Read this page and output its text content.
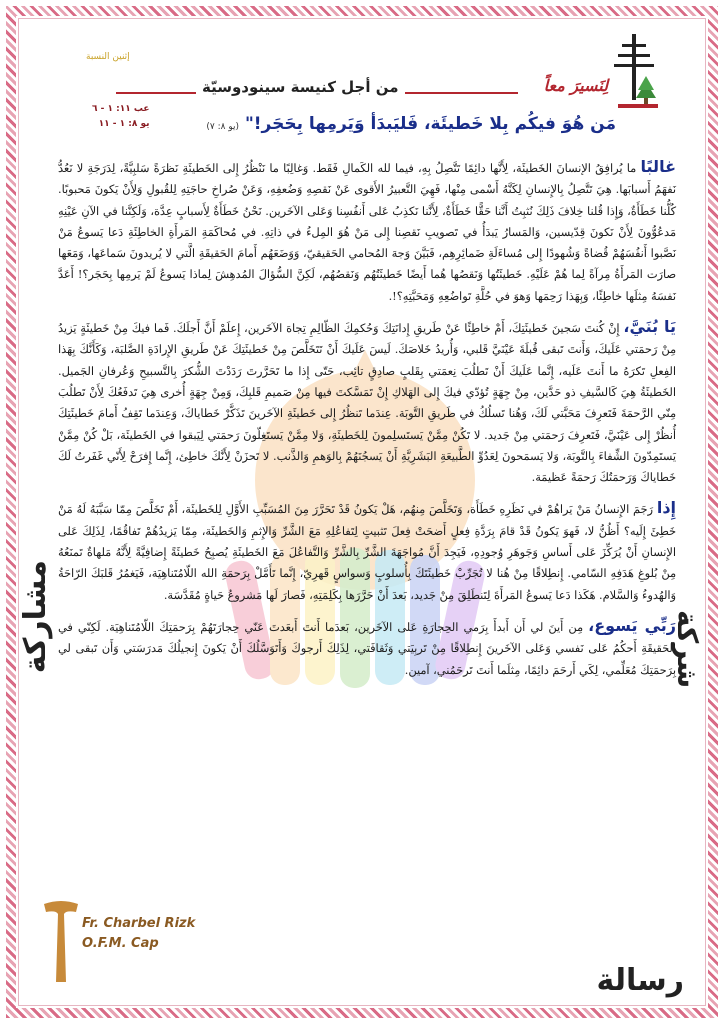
شركة
مشاركة
رسالة
إثنين النسبة
لِنَسيرَ معاً
من أجل كنيسة سينودوسيّة
عب ١١: ١ - ٦
يو ٨: ١ - ١١	مَن هُوَ فيكُم بِلا خَطيئَة، فَليَبدَأ وَيَرمِها بِحَجَر!" (يو ٨: ٧)

غالبًا ما يُرافِقُ الإنسانَ الخَطيئَة، لِأَنَّها دائِمًا تَتَّصِلُ بِهِ، فيما لله الكَمالِ فَقَط. وَغالِبًا ما نَنْظُرُ إِلى الخَطيئَةِ نَظرَةً سَلبِيَّةً، لِدَرَجَةِ لا نَعُدُّ نَفهَمُ أَسبابَها. هِيَ تَتَّصِلُ بِالإِنسانِ لِكَنَّهُ أَسْمى مِنْها، فَهِيَ التَّعبيرُ الأَقوى عَنْ نَقصِهِ وَضُعفِهِ، وَعَنْ صُراخِ حاجَتِهِ لِلقُبولِ وَلِأَنْ يَكونَ مَحبوبًا. كُلُّنا خَطَأَةٌ، وَإِذا قُلنا خِلافَ ذَلِكَ نُثبِتُ أَنَّنا حَقًّا خَطَأَةٌ، لِأَنَّنا نَكذِبُ عَلى أَنفُسِنا وَعَلى الآخَرين. نَحْنُ خَطَأَةٌ لِأَسبابٍ عِدَّة، وَلَكِنَّنا في الآنِ عَيْنِهِ مَدعُوُّونَ لِأَنْ نَكونَ قِدّيسين، وَالمَسارُ يَبدَأُ في تَصويبِ نَقصِنا إِلى مَنْ هُوَ المِلءُ في ذاتِهِ. في مُحاكَمَةِ المَرأَةِ الخاطِئَةِ دَعا يَسوعُ مَنْ نَصَّبوا أَنفُسَهُمْ قُضاةً وَشُهودًا إِلى مُساءَلَةِ ضَمائِرِهِم، فَبَيَّنَ وَجهَ المُحامي الحَقيقيّ، وَوَضَعَهُم أَمامَ الحَقيقَةِ الَّتي لا يُريدونَ سَماعَها، وَمَعَها صارَت المَرأَةُ مِرآةً لِما هُمْ عَلَيْهِ. خَطيئَتُها وَنَقصُها هُما أَيضًا خَطيئَتُهُم وَنَقصُهُم، لَكِنَّ السُّؤالَ المُدهِشَ لِماذا يَسوعُ لَمْ يَرمِها بِحَجَر؟! أَعَدَّ نَفسَهُ مِثلَها خاطِئًا، وَبِهَذا رَحِمَها وَهوَ في حُلَّةِ تَواضُعِهِ وَمَحَبَّتِهِ؟!.

يَا بُنَيَّ، إِنْ كُنتَ سَجينَ خَطيئَتِكَ، أَمْ خاطِئًا عَنْ طَريقِ إِدانَتِكَ وَحُكمِكَ الظّالِمِ تِجاهَ الآخَرين، إِعلَمْ أَنَّ أَجلَكَ. فَما فيكَ مِنْ خَطيئَةٍ يَزيدُ مِنْ رَحمَتي عَلَيكَ، وَأَنتَ تَبقى قُبلَةَ عَيْنَيَّ قَلبي، وَأُريدُ خَلاصَكَ. لَيسَ عَلَيكَ أَنْ تَتَخَلَّصَ مِنْ خَطيئَتِكَ عَنْ طَريقِ الإِرادَةِ الصَّلبَة، وَكَأَنَّكَ بِهَذا الفِعلِ تَكرَهُ ما أَنتَ عَلَيه، إِنَّما عَلَيكَ أَنْ تَطلُبَ نِعمَتي بِقَلبٍ صادِقٍ تائِب، حَتّى إِذا ما تَحَرَّرتَ رَدَدْتَ الشُّكرَ بِالتَّسبيحِ وَعُرفانِ الجَميل. الخَطيئَةُ هِيَ كَالسَّيفِ ذو حَدَّين، مِنْ جِهَةٍ تُؤدّي فيكَ إِلى الهَلاكِ إِنْ تَمَسَّكتَ فيها مِنْ صَميمِ قَلبِكَ، وَمِنْ جِهَةٍ أُخرى هِيَ تَدفَعُكَ لِأَنْ تَطلُبَ مِنّي الرَّحمَةَ فَتَعرِفَ مَحَبَّتي لَكَ، وَهُنا تَسلُكُ في طَريقِ التَّوبَة. عِندَما تَنظُرُ إِلى خَطيئَةِ الآخَرينَ تَذَكَّرْ خَطاياكَ، وَعِندَما تَقِفُ أَمامَ خَطيئَتِكَ أُنظُرْ إِلى عَيْنَيَّ، فَتَعرِفَ رَحمَتي مِنْ جَديد. لا تَكُنْ مِمَّنْ يَستَسلِمونَ لِلخَطيئَةِ، وَلا مِمَّنْ يَستَغِلّونَ رَحمَتي لِيَبقوا في الخَطيئَة، بَلْ كُنْ مِمَّنْ يَستَمِدّونَ الشِّفاءَ بِالتَّوبَة، وَلا يَسمَحونَ لِعَدُوِّ الطَّبيعَةِ البَشَرِيَّةِ أَنْ يَسجُنَهُمْ بِالوَهمِ وَالذَّنب. لا تَحزَنْ لِأَنَّكَ خاطِئ، إِنَّما إِفرَحْ لِأَنّي غَفَرتُ لَكَ خَطاياكَ وَرَحمَتُكَ رَحمَةً عَظيمَة.

إِذا رَجَمَ الإِنسانُ مَنْ يَراهُمْ في نَظَرِهِ خَطَأَة، وَتَخَلَّصَ مِنهُم، هَلْ يَكونُ قَدْ تَحَرَّرَ مِنَ المُسَبِّبِ الأَوَّلِ لِلخَطيئَة، أَمْ تَخَلَّصَ مِمّا سَبَّبَهُ لَهُ مَنْ خَطِئَ إِلَيه؟ أَظُنُّ لا، فَهوَ يَكونُ قَدْ قامَ بِرَدَّةِ فِعلٍ أَضحَتْ فِعلَ تَثبيتٍ لِتَفاعُلِهِ مَعَ الشَّرِّ وَالإِثمِ وَالخَطيئَة، مِمّا يَزيدُهُمْ تَفاقُمًا، لِذَلِكَ عَلى الإِنسانِ أَنْ يُرَكِّزَ عَلى أَساسِ وَجَوهَرِ وُجودِهِ، فَيَجِدَ أَنَّ مُواجَهَةَ الشَّرِّ بِالشَّرِّ وَالتَّفاعُلَ مَعَ الخَطيئَةِ يُصبِحُ خَطيئَةً إِضافِيَّةً لِأَنَّهُ مَلهاةٌ تَمنَعُهُ مِنْ بُلوغِ هَدَفِهِ السّامي. إِنطِلاقًا مِنْ هُنا لا تُجَرِّبْ خَطيئَتَكَ بِأُسلوبٍ وَسواسٍ قَهرِيّ، إِنَّما تَأَمَّلْ بِرَحمَةِ الله اللّامُتَناهِيَة، فَيَغمُرُ قَلبَكَ الرّاحَةُ وَالهُدوءُ وَالسَّلام. هَكَذا دَعا يَسوعُ المَرأَةَ لِتَنطَلِقَ مِنْ جَديد، بَعدَ أَنْ حَرَّرَها بِكَلِمَتِهِ، فَصارَ لَها مَشروعُ حَياةٍ مُقَدَّسَة.

رَبِّي يَسوع، مِن أَينَ لي أَن أَبدأَ بِرَمي الحِجارَةِ عَلى الآخَرين، بَعدَما أَنتَ أَبعَدتَ عَنّي حِجارَتَهُمْ بِرَحمَتِكَ اللّامُتَناهِيَة. لَكِنّي في الحَقيقَةِ أَحكُمُ عَلى نَفسي وَعَلى الآخَرينَ إِنطِلاقًا مِنْ تَربِيَتي وَثَقافَتي، لِذَلِكَ أَرجوكَ وَأَتَوَسَّلُكَ أَنْ يَكونَ إِنجيلُكَ مَدرَسَتي وَأَن تَبقى لي بِرَحمَتِكَ مُعَلِّمي، لِكَي أَرحَمَ دائِمًا، مِثلَما أَنتَ تَرحَمُني، آمين.

Fr. Charbel Rizk
O.F.M. Cap
